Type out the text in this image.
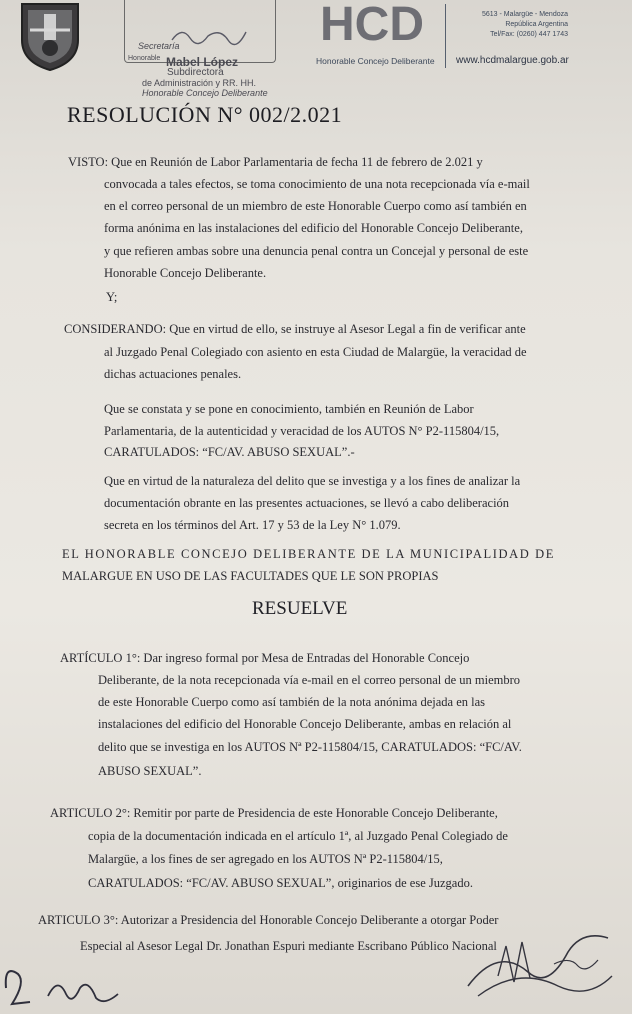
Secretaría
Honorable Mabel López
Subdirectora
de Administración y RR. HH.
Honorable Concejo Deliberante
HCD
Honorable Concejo Deliberante
5613 - Malargüe - Mendoza
República Argentina
Tel/Fax: (0260) 447 1743
www.hcdmalargue.gob.ar
RESOLUCIÓN N° 002/2.021
VISTO: Que en Reunión de Labor Parlamentaria de fecha 11 de febrero de 2.021 y
convocada a tales efectos, se toma conocimiento de una nota recepcionada vía e-mail
en el correo personal de un miembro de este Honorable Cuerpo como así también en
forma anónima en las instalaciones del edificio del Honorable Concejo Deliberante,
y que refieren ambas sobre una denuncia penal contra un Concejal y personal de este
Honorable Concejo Deliberante.
Y;
CONSIDERANDO: Que en virtud de ello, se instruye al Asesor Legal a fin de verificar ante
al Juzgado Penal Colegiado con asiento en esta Ciudad de Malargüe, la veracidad de
dichas actuaciones penales.
Que se constata y se pone en conocimiento, también en Reunión de Labor
Parlamentaria, de la autenticidad y veracidad de los AUTOS N° P2-115804/15,
CARATULADOS: “FC/AV. ABUSO SEXUAL”.-
Que en virtud de la naturaleza del delito que se investiga y a los fines de analizar la
documentación obrante en las presentes actuaciones, se llevó a cabo deliberación
secreta en los términos del Art. 17 y 53 de la Ley N° 1.079.
EL HONORABLE CONCEJO DELIBERANTE DE LA MUNICIPALIDAD DE
MALARGUE EN USO DE LAS FACULTADES QUE LE SON PROPIAS
RESUELVE
ARTÍCULO 1°: Dar ingreso formal por Mesa de Entradas del Honorable Concejo
Deliberante, de la nota recepcionada vía e-mail en el correo personal de un miembro
de este Honorable Cuerpo como así también de la nota anónima dejada en las
instalaciones del edificio del Honorable Concejo Deliberante, ambas en relación al
delito que se investiga en los AUTOS Nª P2-115804/15, CARATULADOS: “FC/AV.
ABUSO SEXUAL”.
ARTICULO 2°: Remitir por parte de Presidencia de este Honorable Concejo Deliberante,
copia de la documentación indicada en el artículo 1ª, al Juzgado Penal Colegiado de
Malargüe, a los fines de ser agregado en los AUTOS Nª P2-115804/15,
CARATULADOS: “FC/AV. ABUSO SEXUAL”, originarios de ese Juzgado.
ARTICULO 3°: Autorizar a Presidencia del Honorable Concejo Deliberante a otorgar Poder
Especial al Asesor Legal Dr. Jonathan Espuri mediante Escribano Público Nacional
